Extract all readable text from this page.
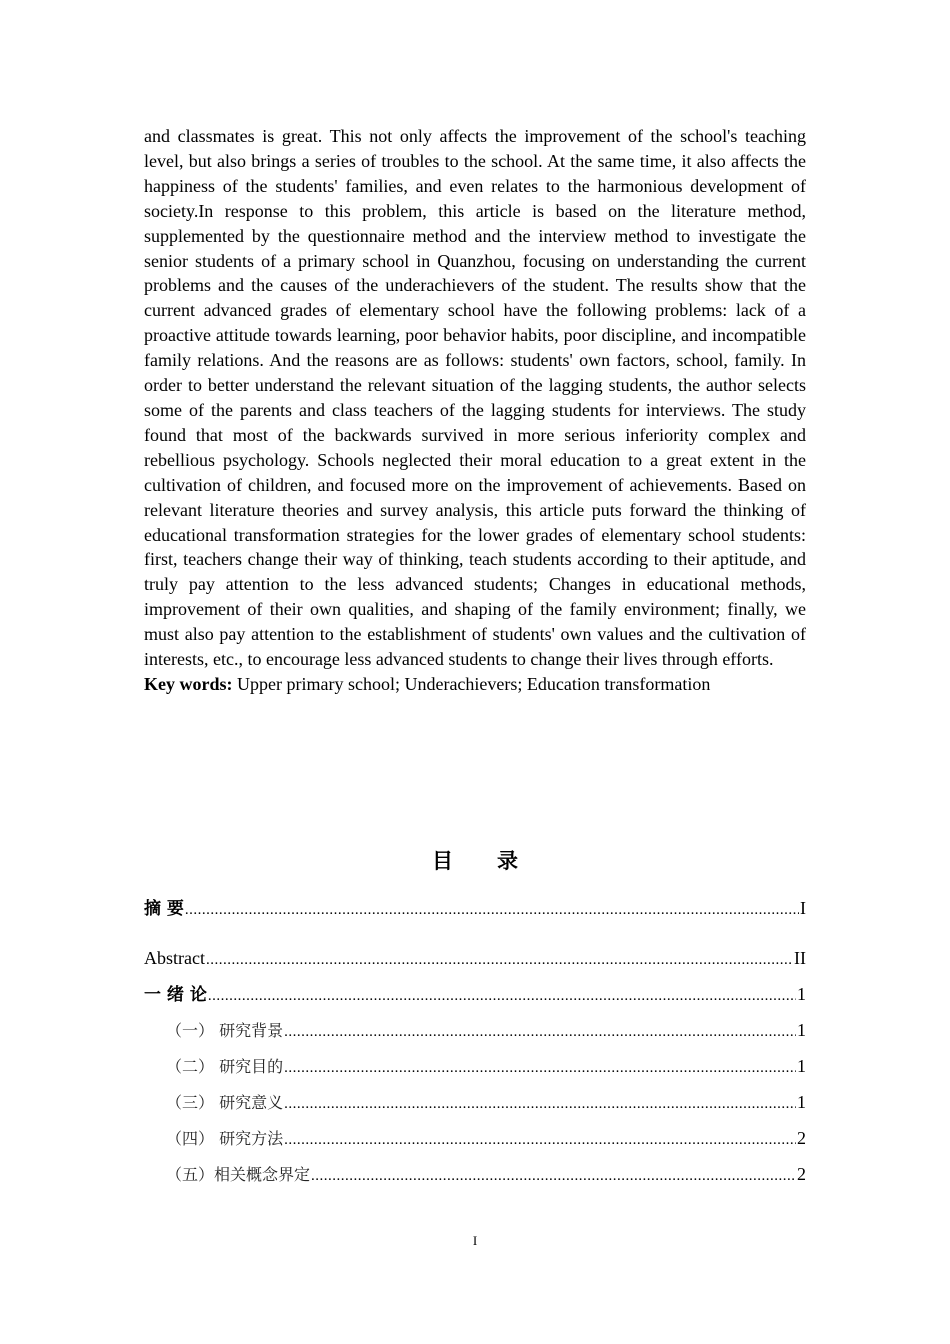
and classmates is great. This not only affects the improvement of the school's teaching level, but also brings a series of troubles to the school. At the same time, it also affects the happiness of the students' families, and even relates to the harmonious development of society.In response to this problem, this article is based on the literature method, supplemented by the questionnaire method and the interview method to investigate the senior students of a primary school in Quanzhou, focusing on understanding the current problems and the causes of the underachievers of the student. The results show that the current advanced grades of elementary school have the following problems: lack of a proactive attitude towards learning, poor behavior habits, poor discipline, and incompatible family relations. And the reasons are as follows: students' own factors, school, family. In order to better understand the relevant situation of the lagging students, the author selects some of the parents and class teachers of the lagging students for interviews. The study found that most of the backwards survived in more serious inferiority complex and rebellious psychology. Schools neglected their moral education to a great extent in the cultivation of children, and focused more on the improvement of achievements. Based on relevant literature theories and survey analysis, this article puts forward the thinking of educational transformation strategies for the lower grades of elementary school students: first, teachers change their way of thinking, teach students according to their aptitude, and truly pay attention to the less advanced students; Changes in educational methods, improvement of their own qualities, and shaping of the family environment; finally, we must also pay attention to the establishment of students' own values and the cultivation of interests, etc., to encourage less advanced students to change their lives through efforts.

Key words: Upper primary school; Underachievers; Education transformation

目 录
摘 要 .....	I
Abstract .....	II
一 绪 论 .....	1
（一） 研究背景 .....	1
（二） 研究目的 .....	1
（三） 研究意义 .....	1
（四） 研究方法 .....	2
（五）相关概念界定 .....	2
I
